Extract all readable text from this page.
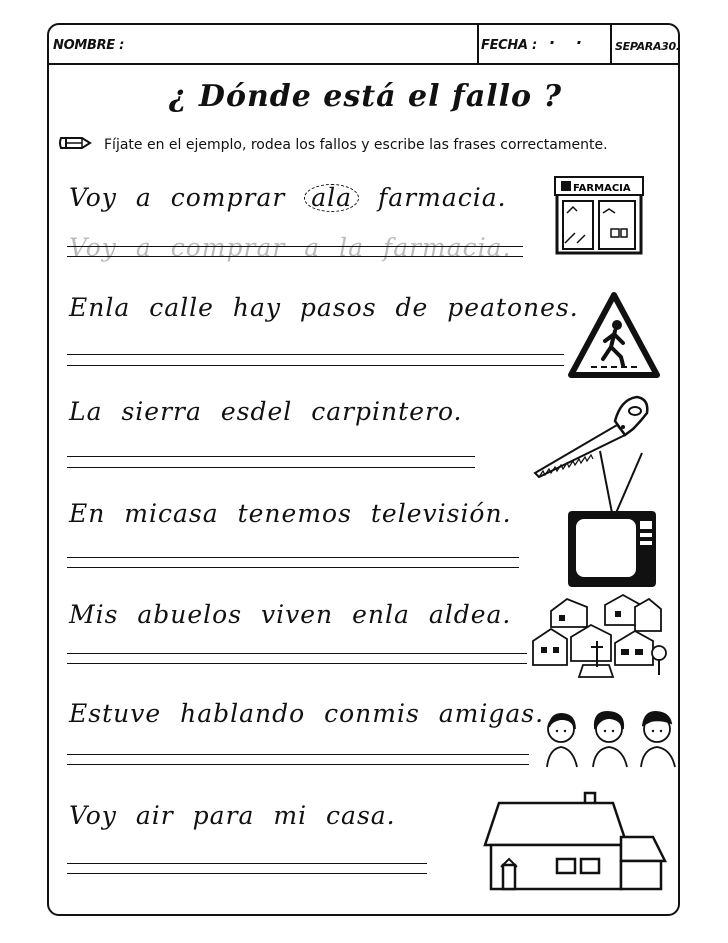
NOMBRE :	FECHA : ·    ·	SEPARA30.
¿ Dónde está el fallo ?
Fíjate en el ejemplo, rodea los fallos y escribe las frases correctamente.
Voy a comprar ala farmacia.
Voy a comprar a la farmacia.
FARMACIA
Enla calle hay pasos de peatones.
La sierra esdel carpintero.
En micasa tenemos televisión.
Mis abuelos viven enla aldea.
Estuve hablando conmis amigas.
Voy air para mi casa.
